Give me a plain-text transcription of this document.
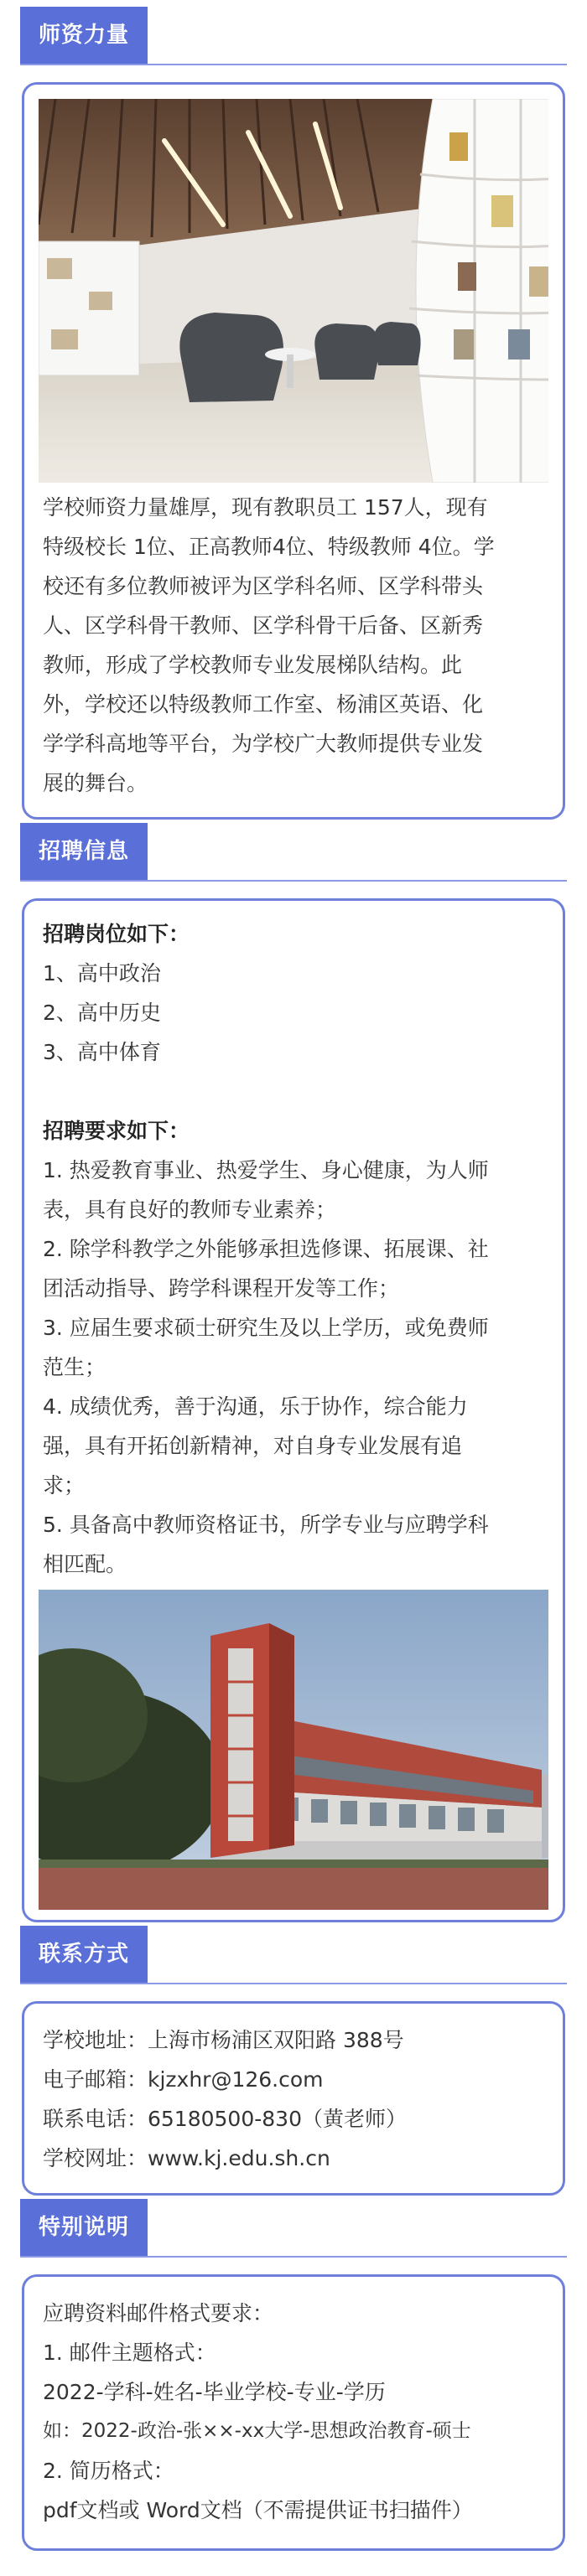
师资力量
学校师资力量雄厚，现有教职员工 157人，现有
特级校长 1位、正高教师4位、特级教师 4位。学
校还有多位教师被评为区学科名师、区学科带头
人、区学科骨干教师、区学科骨干后备、区新秀
教师，形成了学校教师专业发展梯队结构。此
外，学校还以特级教师工作室、杨浦区英语、化
学学科高地等平台，为学校广大教师提供专业发
展的舞台。
招聘信息
招聘岗位如下：
1、高中政治
2、高中历史
3、高中体育
招聘要求如下：
1. 热爱教育事业、热爱学生、身心健康，为人师
表，具有良好的教师专业素养；
2. 除学科教学之外能够承担选修课、拓展课、社
团活动指导、跨学科课程开发等工作；
3. 应届生要求硕士研究生及以上学历，或免费师
范生；
4. 成绩优秀，善于沟通，乐于协作，综合能力
强，具有开拓创新精神，对自身专业发展有追
求；
5. 具备高中教师资格证书，所学专业与应聘学科
相匹配。
联系方式
学校地址：上海市杨浦区双阳路 388号
电子邮箱：kjzxhr@126.com
联系电话：65180500-830（黄老师）
学校网址：www.kj.edu.sh.cn
特别说明
应聘资料邮件格式要求：
1. 邮件主题格式：
2022-学科-姓名-毕业学校-专业-学历
如：2022-政治-张××-xx大学-思想政治教育-硕士
2. 简历格式：
pdf文档或 Word文档（不需提供证书扫描件）
